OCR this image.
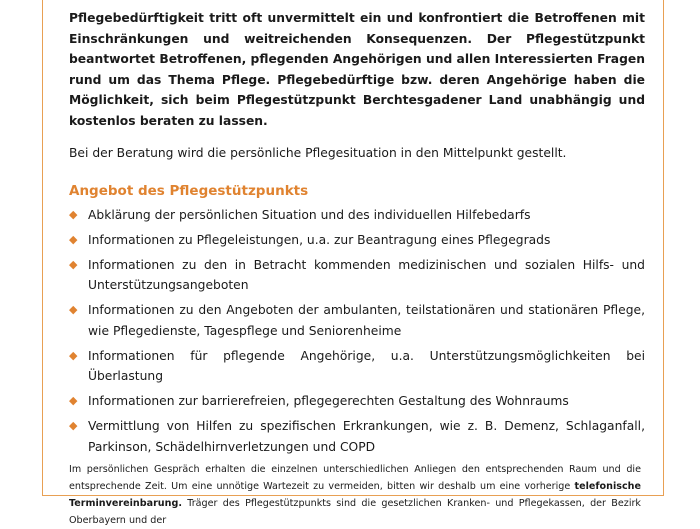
Pflegebedürftigkeit tritt oft unvermittelt ein und konfrontiert die Betroffenen mit Einschränkungen und weitreichenden Konsequenzen. Der Pflegestützpunkt beantwortet Betroffenen, pflegenden Angehörigen und allen Interessierten Fragen rund um das Thema Pflege. Pflegebedürftige bzw. deren Angehörige haben die Möglichkeit, sich beim Pflegestützpunkt Berchtesgadener Land unabhängig und kostenlos beraten zu lassen.

Bei der Beratung wird die persönliche Pflegesituation in den Mittelpunkt gestellt.

Angebot des Pflegestützpunkts
◆ Abklärung der persönlichen Situation und des individuellen Hilfebedarfs
◆ Informationen zu Pflegeleistungen, u.a. zur Beantragung eines Pflegegrads
◆ Informationen zu den in Betracht kommenden medizinischen und sozialen Hilfs- und Unterstützungsangeboten
◆ Informationen zu den Angeboten der ambulanten, teilstationären und stationären Pflege, wie Pflegedienste, Tagespflege und Seniorenheime
◆ Informationen für pflegende Angehörige, u.a. Unterstützungsmöglichkeiten bei Überlastung
◆ Informationen zur barrierefreien, pflegegerechten Gestaltung des Wohnraums
◆ Vermittlung von Hilfen zu spezifischen Erkrankungen, wie z. B. Demenz, Schlaganfall, Parkinson, Schädelhirnverletzungen und COPD

Im persönlichen Gespräch erhalten die einzelnen unterschiedlichen Anliegen den entsprechenden Raum und die entsprechende Zeit. Um eine unnötige Wartezeit zu vermeiden, bitten wir deshalb um eine vorherige telefonische Terminvereinbarung. Träger des Pflegestützpunkts sind die gesetzlichen Kranken- und Pflegekassen, der Bezirk Oberbayern und der
